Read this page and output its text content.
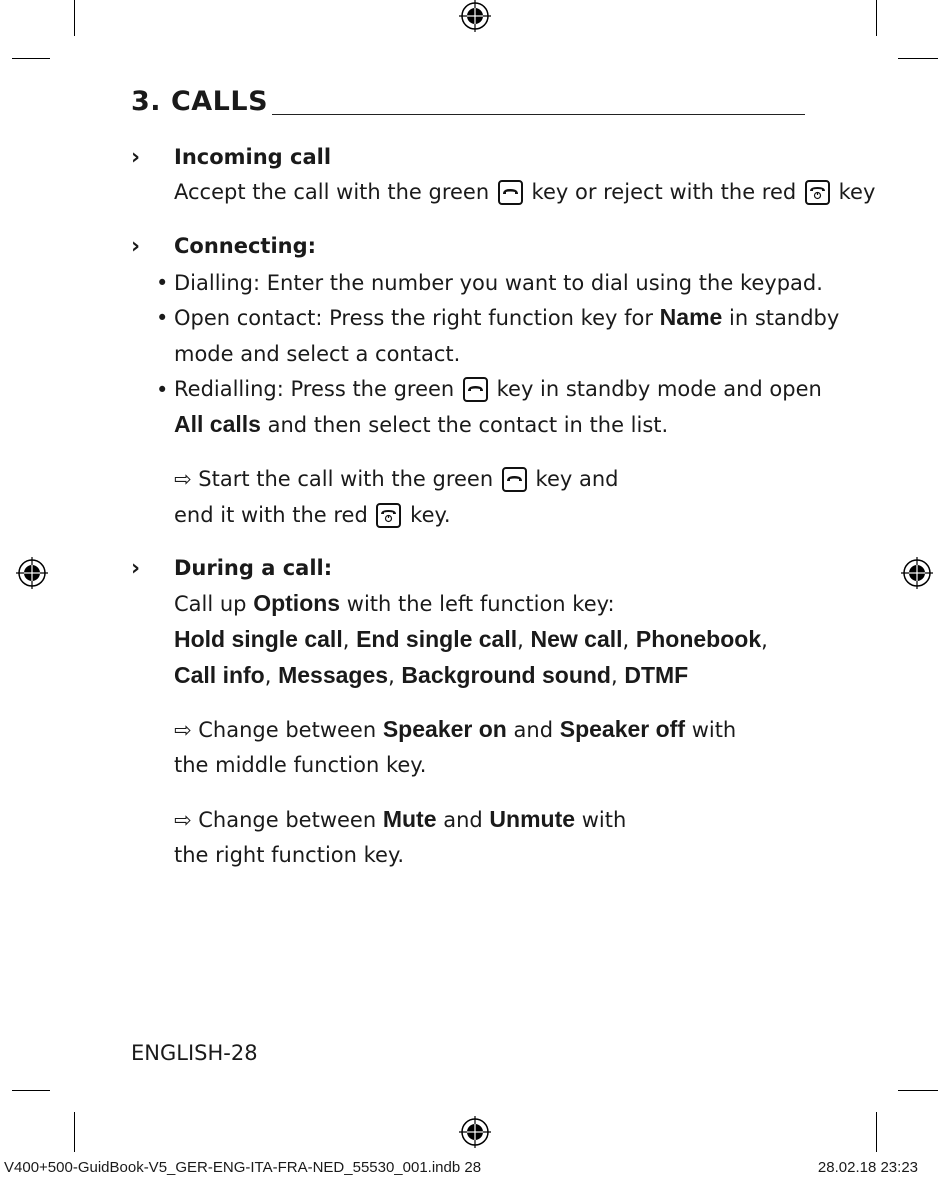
3. CALLS
› Incoming call
Accept the call with the green key or reject with the red key
› Connecting:
• Dialling: Enter the number you want to dial using the keypad.
• Open contact: Press the right function key for Name in standby
mode and select a contact.
• Redialling: Press the green key in standby mode and open
All calls and then select the contact in the list.
⇨ Start the call with the green key and
end it with the red key.
› During a call:
Call up Options with the left function key:
Hold single call, End single call, New call, Phonebook,
Call info, Messages, Background sound, DTMF
⇨ Change between Speaker on and Speaker off with
the middle function key.
⇨ Change between Mute and Unmute with
the right function key.
ENGLISH-28
V400+500-GuidBook-V5_GER-ENG-ITA-FRA-NED_55530_001.indb 28	28.02.18 23:23
